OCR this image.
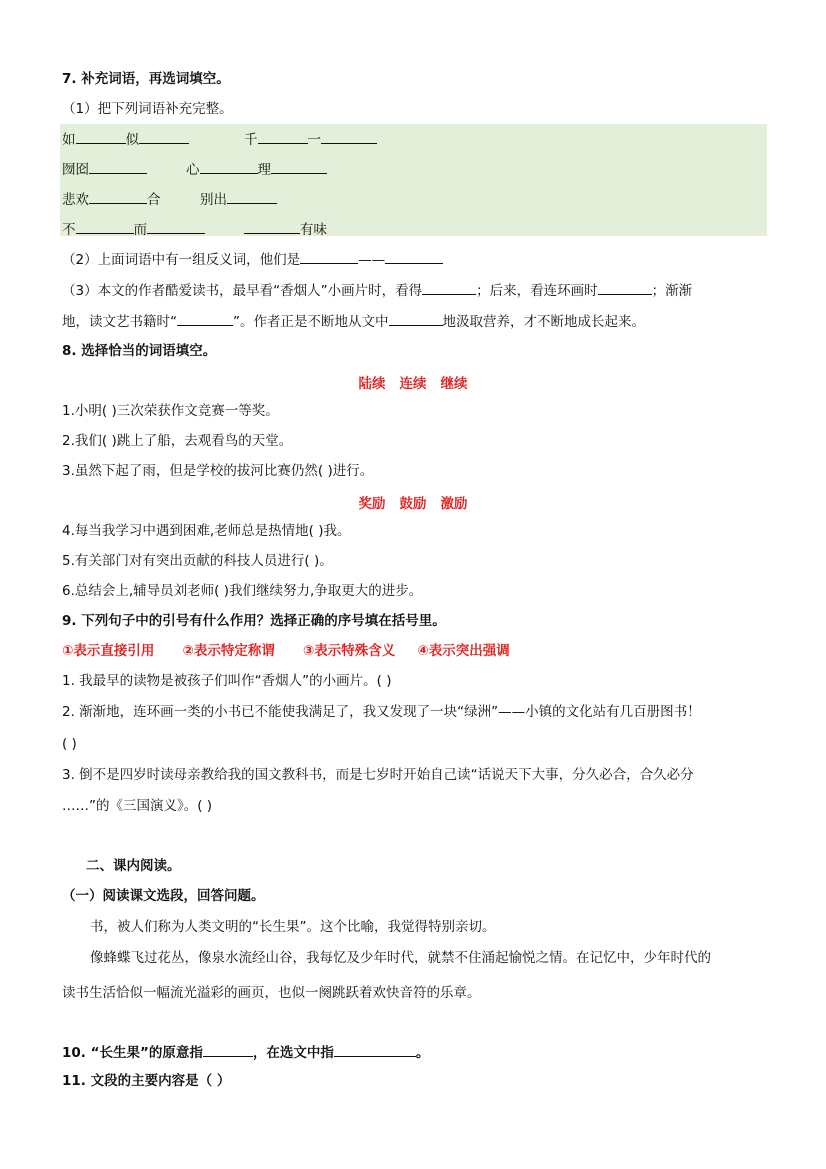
7. 补充词语，再选词填空。
（1）把下列词语补充完整。
如	似	千	一
囫囵	心	理
悲欢	合	别出
不	而	有味
（2）上面词语中有一组反义词，他们是	——
（3）本文的作者酷爱读书，最早看“香烟人”小画片时，看得	；后来，看连环画时	；渐渐
地，读文艺书籍时“	”。作者正是不断地从文中	地汲取营养，才不断地成长起来。
8. 选择恰当的词语填空。
陆续 连续 继续
1.小明( )三次荣获作文竞赛一等奖。
2.我们( )跳上了船，去观看鸟的天堂。
3.虽然下起了雨，但是学校的拔河比赛仍然( )进行。
奖励 鼓励 激励
4.每当我学习中遇到困难,老师总是热情地( )我。
5.有关部门对有突出贡献的科技人员进行( )。
6.总结会上,辅导员刘老师( )我们继续努力,争取更大的进步。
9. 下列句子中的引号有什么作用？选择正确的序号填在括号里。
①表示直接引用 ②表示特定称谓 ③表示特殊含义 ④表示突出强调
1. 我最早的读物是被孩子们叫作“香烟人”的小画片。( )
2. 渐渐地，连环画一类的小书已不能使我满足了，我又发现了一块“绿洲”——小镇的文化站有几百册图书！
( )
3. 倒不是四岁时读母亲教给我的国文教科书，而是七岁时开始自己读“话说天下大事，分久必合，合久必分
……”的《三国演义》。( )
二、课内阅读。
（一）阅读课文选段，回答问题。
书，被人们称为人类文明的“长生果”。这个比喻，我觉得特别亲切。
像蜂蝶飞过花丛，像泉水流经山谷，我每忆及少年时代，就禁不住涌起愉悦之情。在记忆中，少年时代的
读书生活恰似一幅流光溢彩的画页，也似一阕跳跃着欢快音符的乐章。
10. “长生果”的原意指	，在选文中指	。
11. 文段的主要内容是（ ）
